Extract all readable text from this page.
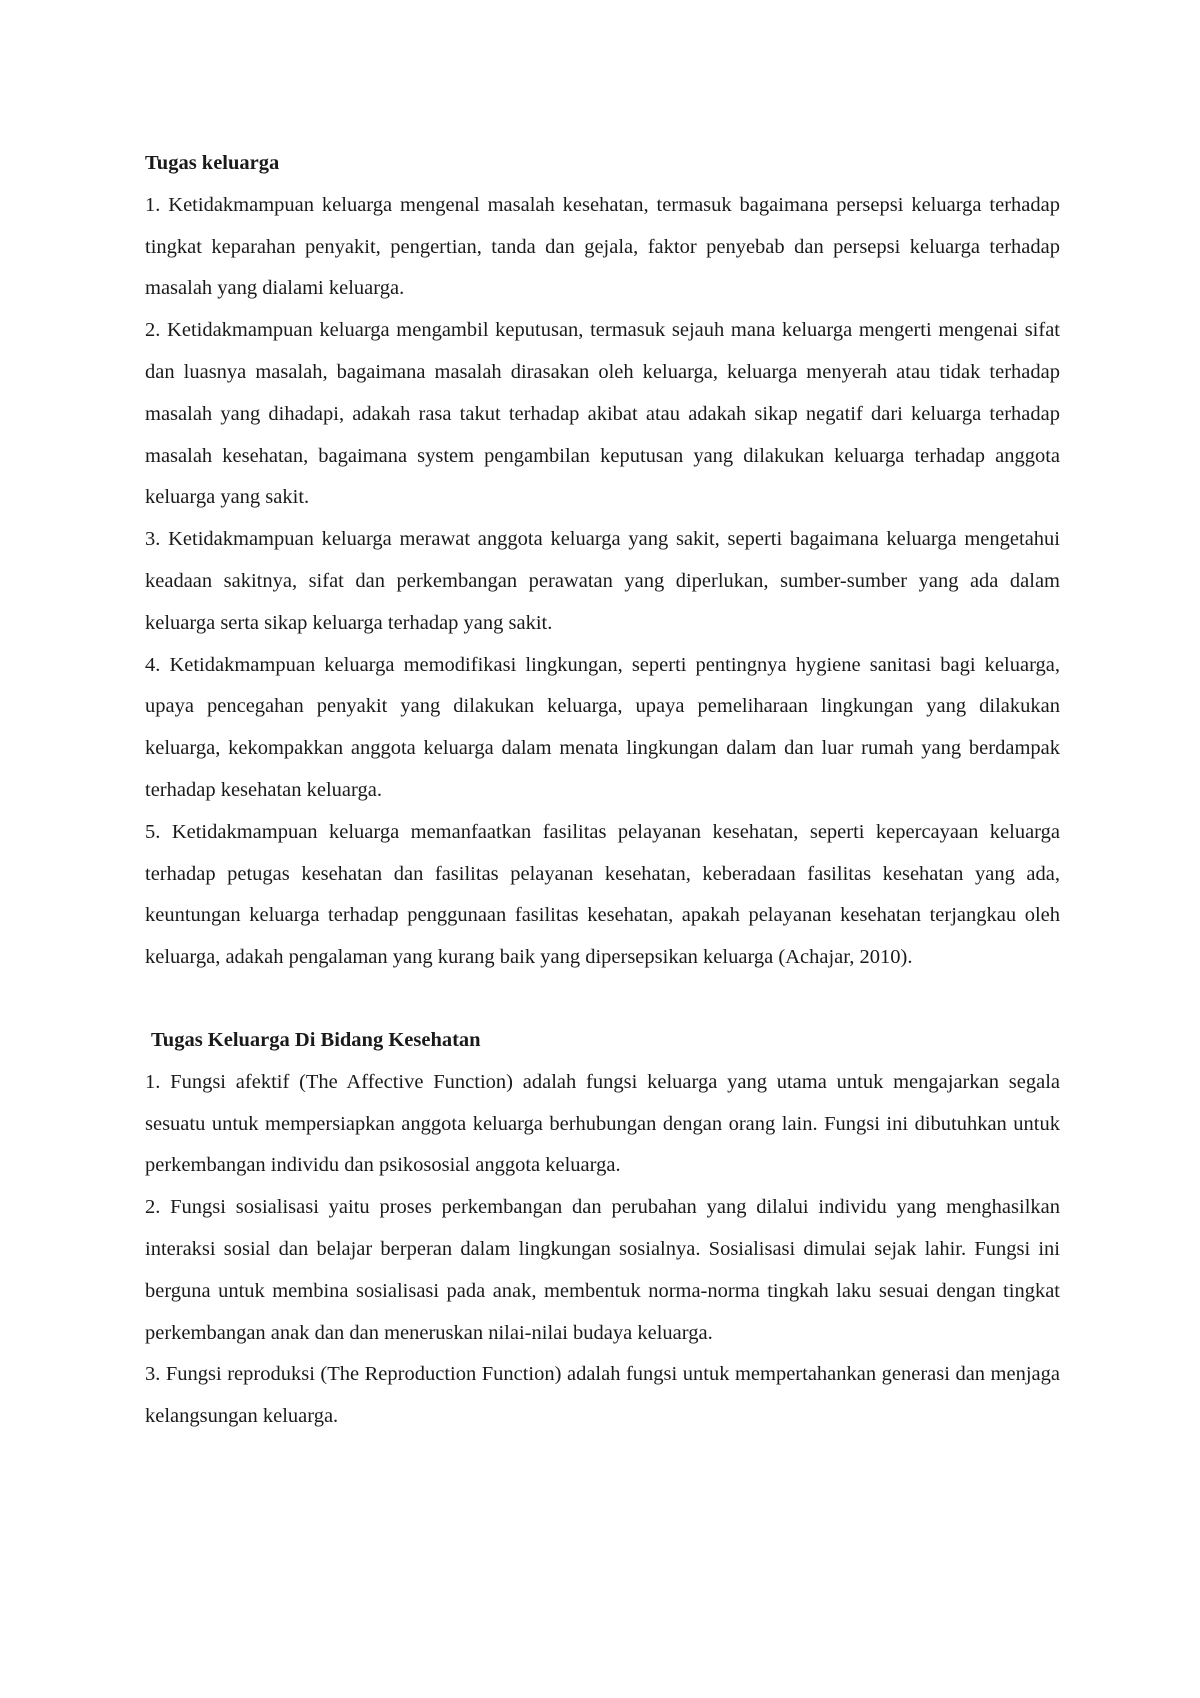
Tugas keluarga

1. Ketidakmampuan keluarga mengenal masalah kesehatan, termasuk bagaimana persepsi keluarga terhadap tingkat keparahan penyakit, pengertian, tanda dan gejala, faktor penyebab dan persepsi keluarga terhadap masalah yang dialami keluarga.

2. Ketidakmampuan keluarga mengambil keputusan, termasuk sejauh mana keluarga mengerti mengenai sifat dan luasnya masalah, bagaimana masalah dirasakan oleh keluarga, keluarga menyerah atau tidak terhadap masalah yang dihadapi, adakah rasa takut terhadap akibat atau adakah sikap negatif dari keluarga terhadap masalah kesehatan, bagaimana system pengambilan keputusan yang dilakukan keluarga terhadap anggota keluarga yang sakit.

3. Ketidakmampuan keluarga merawat anggota keluarga yang sakit, seperti bagaimana keluarga mengetahui keadaan sakitnya, sifat dan perkembangan perawatan yang diperlukan, sumber-sumber yang ada dalam keluarga serta sikap keluarga terhadap yang sakit.

4. Ketidakmampuan keluarga memodifikasi lingkungan, seperti pentingnya hygiene sanitasi bagi keluarga, upaya pencegahan penyakit yang dilakukan keluarga, upaya pemeliharaan lingkungan yang dilakukan keluarga, kekompakkan anggota keluarga dalam menata lingkungan dalam dan luar rumah yang berdampak terhadap kesehatan keluarga.

5. Ketidakmampuan keluarga memanfaatkan fasilitas pelayanan kesehatan, seperti kepercayaan keluarga terhadap petugas kesehatan dan fasilitas pelayanan kesehatan, keberadaan fasilitas kesehatan yang ada, keuntungan keluarga terhadap penggunaan fasilitas kesehatan, apakah pelayanan kesehatan terjangkau oleh keluarga, adakah pengalaman yang kurang baik yang dipersepsikan keluarga (Achajar, 2010).

Tugas Keluarga Di Bidang Kesehatan

1. Fungsi afektif (The Affective Function) adalah fungsi keluarga yang utama untuk mengajarkan segala sesuatu untuk mempersiapkan anggota keluarga berhubungan dengan orang lain. Fungsi ini dibutuhkan untuk perkembangan individu dan psikososial anggota keluarga.

2. Fungsi sosialisasi yaitu proses perkembangan dan perubahan yang dilalui individu yang menghasilkan interaksi sosial dan belajar berperan dalam lingkungan sosialnya. Sosialisasi dimulai sejak lahir. Fungsi ini berguna untuk membina sosialisasi pada anak, membentuk norma-norma tingkah laku sesuai dengan tingkat perkembangan anak dan dan meneruskan nilai-nilai budaya keluarga.

3. Fungsi reproduksi (The Reproduction Function) adalah fungsi untuk mempertahankan generasi dan menjaga kelangsungan keluarga.
